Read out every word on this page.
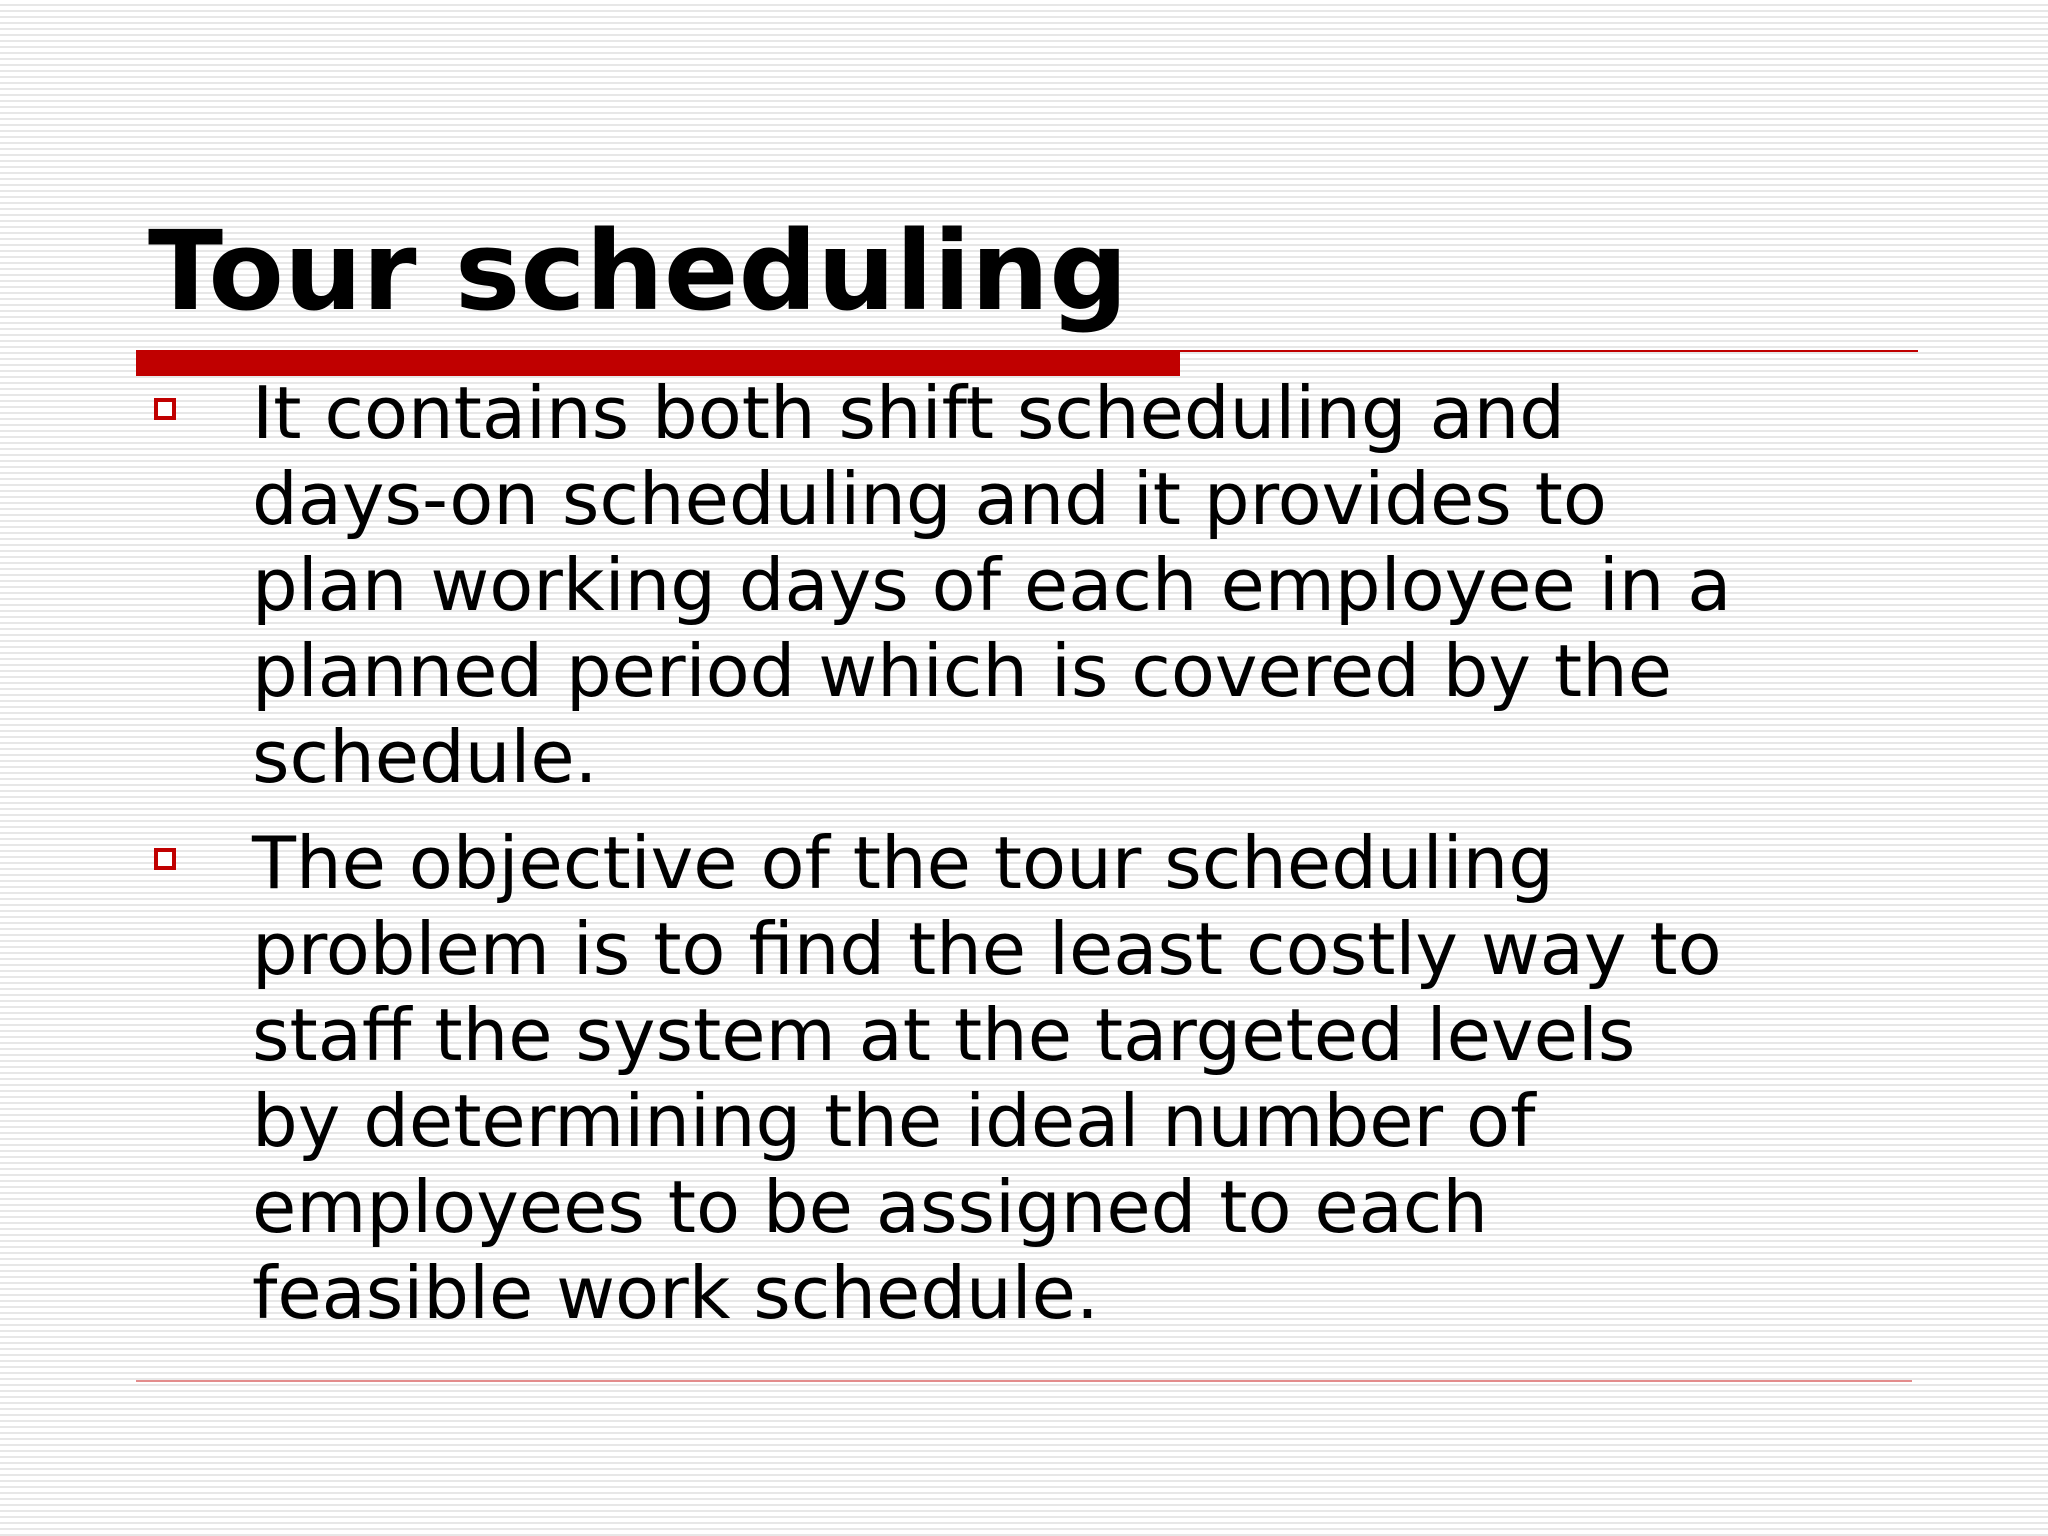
Tour scheduling
It contains both shift scheduling and
days-on scheduling and it provides to
plan working days of each employee in a
planned period which is covered by the
schedule.
The objective of the tour scheduling
problem is to find the least costly way to
staff the system at the targeted levels
by determining the ideal number of
employees to be assigned to each
feasible work schedule.
